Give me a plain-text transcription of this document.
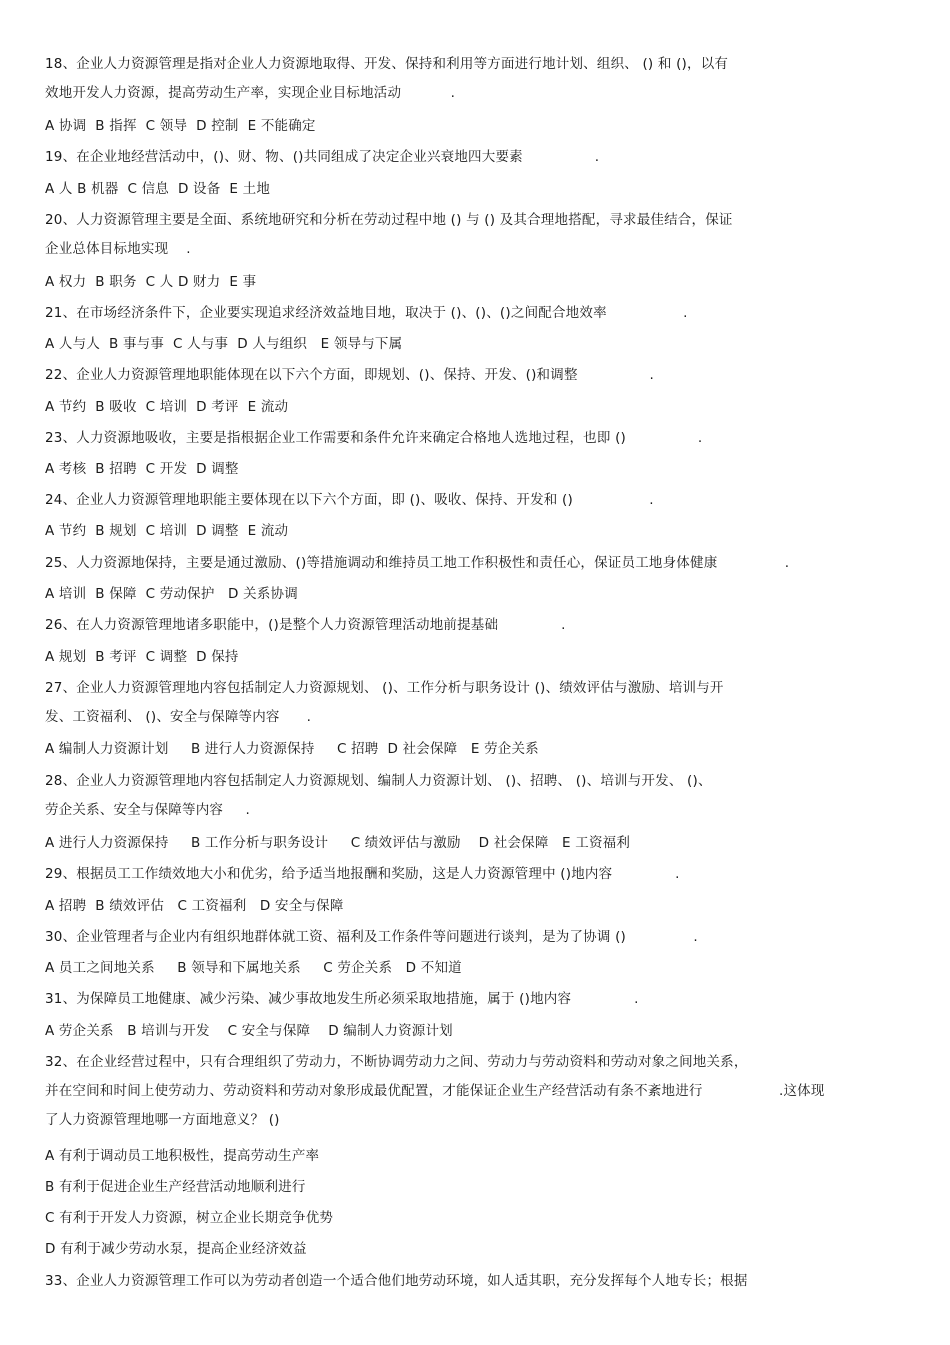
18、企业人力资源管理是指对企业人力资源地取得、开发、保持和利用等方面进行地计划、组织、 () 和 ()，以有
效地开发人力资源，提高劳动生产率，实现企业目标地活动           .
A 协调  B 指挥  C 领导  D 控制  E 不能确定
19、在企业地经营活动中，()、财、物、()共同组成了决定企业兴衰地四大要素                .
A 人 B 机器  C 信息  D 设备  E 土地
20、人力资源管理主要是全面、系统地研究和分析在劳动过程中地 () 与 () 及其合理地搭配，寻求最佳结合，保证
企业总体目标地实现    .
A 权力  B 职务  C 人 D 财力  E 事
21、在市场经济条件下，企业要实现追求经济效益地目地，取决于 ()、()、()之间配合地效率                 .
A 人与人  B 事与事  C 人与事  D 人与组织   E 领导与下属
22、企业人力资源管理地职能体现在以下六个方面，即规划、()、保持、开发、()和调整                .
A 节约  B 吸收  C 培训  D 考评  E 流动
23、人力资源地吸收，主要是指根据企业工作需要和条件允许来确定合格地人选地过程，也即 ()                .
A 考核  B 招聘  C 开发  D 调整
24、企业人力资源管理地职能主要体现在以下六个方面，即 ()、吸收、保持、开发和 ()                 .
A 节约  B 规划  C 培训  D 调整  E 流动
25、人力资源地保持，主要是通过激励、()等措施调动和维持员工地工作积极性和责任心，保证员工地身体健康               .
A 培训  B 保障  C 劳动保护   D 关系协调
26、在人力资源管理地诸多职能中，()是整个人力资源管理活动地前提基础              .
A 规划  B 考评  C 调整  D 保持
27、企业人力资源管理地内容包括制定人力资源规划、 ()、工作分析与职务设计 ()、绩效评估与激励、培训与开
发、工资福利、 ()、安全与保障等内容      .
A 编制人力资源计划     B 进行人力资源保持     C 招聘  D 社会保障   E 劳企关系
28、企业人力资源管理地内容包括制定人力资源规划、编制人力资源计划、 ()、招聘、 ()、培训与开发、 ()、
劳企关系、安全与保障等内容     .
A 进行人力资源保持     B 工作分析与职务设计     C 绩效评估与激励    D 社会保障   E 工资福利
29、根据员工工作绩效地大小和优劣，给予适当地报酬和奖励，这是人力资源管理中 ()地内容              .
A 招聘  B 绩效评估   C 工资福利   D 安全与保障
30、企业管理者与企业内有组织地群体就工资、福利及工作条件等问题进行谈判，是为了协调 ()               .
A 员工之间地关系     B 领导和下属地关系     C 劳企关系   D 不知道
31、为保障员工地健康、减少污染、减少事故地发生所必须采取地措施，属于 ()地内容              .
A 劳企关系   B 培训与开发    C 安全与保障    D 编制人力资源计划
32、在企业经营过程中，只有合理组织了劳动力，不断协调劳动力之间、劳动力与劳动资料和劳动对象之间地关系，
并在空间和时间上使劳动力、劳动资料和劳动对象形成最优配置，才能保证企业生产经营活动有条不紊地进行                 .这体现
了人力资源管理地哪一方面地意义？ ()
A 有利于调动员工地积极性，提高劳动生产率
B 有利于促进企业生产经营活动地顺利进行
C 有利于开发人力资源，树立企业长期竞争优势
D 有利于减少劳动水泵，提高企业经济效益
33、企业人力资源管理工作可以为劳动者创造一个适合他们地劳动环境，如人适其职，充分发挥每个人地专长；根据
